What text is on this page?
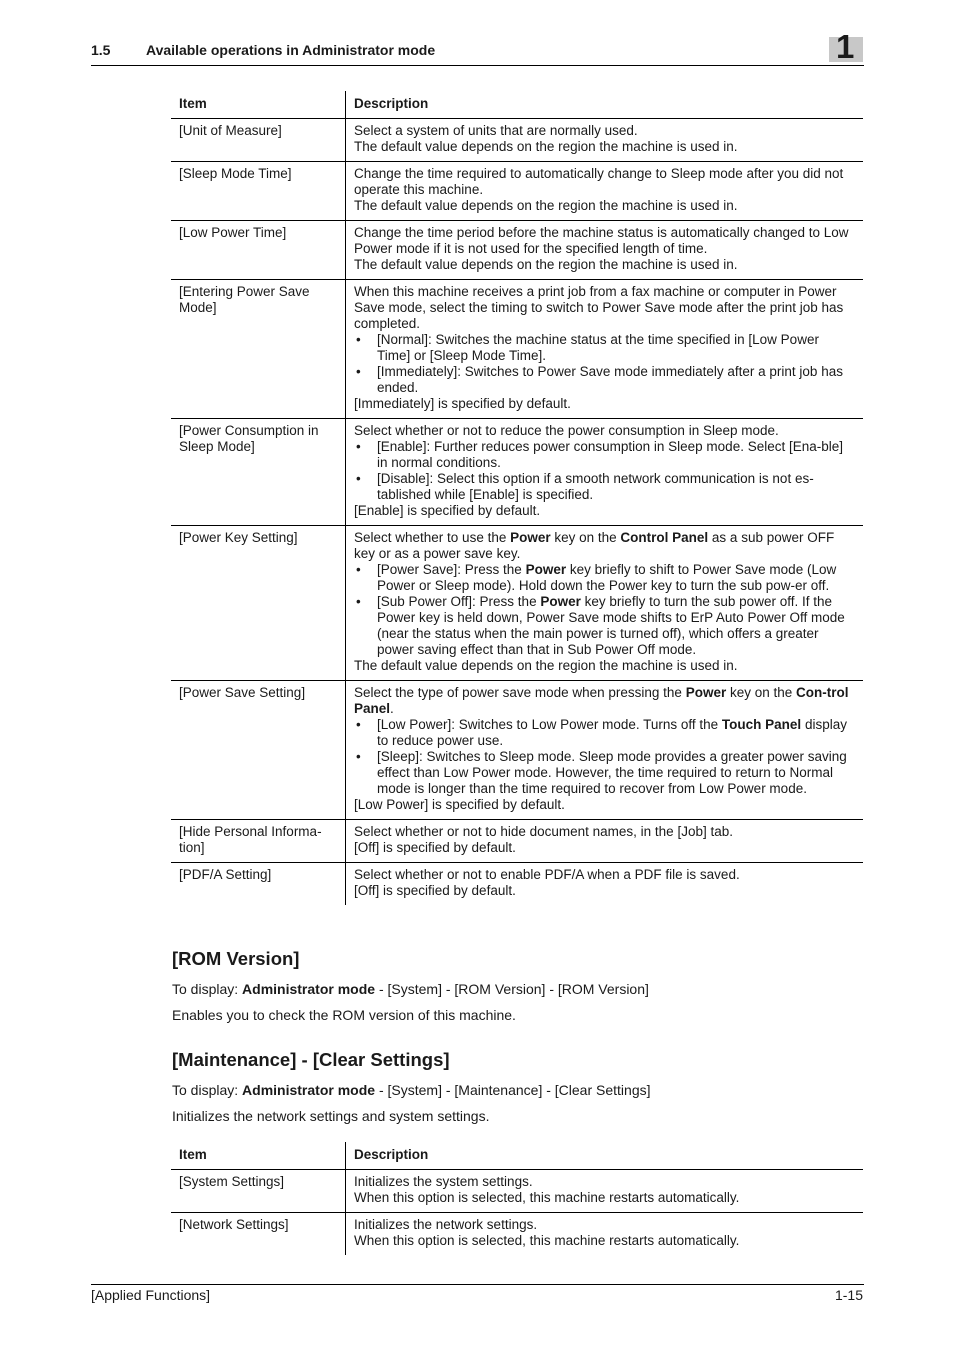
1.5	Available operations in Administrator mode	1
Item	Description
[Unit of Measure]	Select a system of units that are normally used.
The default value depends on the region the machine is used in.

[Sleep Mode Time]	Change the time required to automatically change to Sleep mode after you did not operate this machine.
The default value depends on the region the machine is used in.

[Low Power Time]	Change the time period before the machine status is automatically changed to Low Power mode if it is not used for the specified length of time.
The default value depends on the region the machine is used in.

[Entering Power Save Mode]	When this machine receives a print job from a fax machine or computer in Power Save mode, select the timing to switch to Power Save mode after the print job has completed.
• [Normal]: Switches the machine status at the time specified in [Low Power Time] or [Sleep Mode Time].
• [Immediately]: Switches to Power Save mode immediately after a print job has ended.
[Immediately] is specified by default.

[Power Consumption in Sleep Mode]	Select whether or not to reduce the power consumption in Sleep mode.
• [Enable]: Further reduces power consumption in Sleep mode. Select [Ena-ble] in normal conditions.
• [Disable]: Select this option if a smooth network communication is not es-tablished while [Enable] is specified.
[Enable] is specified by default.

[Power Key Setting]	Select whether to use the Power key on the Control Panel as a sub power OFF key or as a power save key.
• [Power Save]: Press the Power key briefly to shift to Power Save mode (Low Power or Sleep mode). Hold down the Power key to turn the sub pow-er off.
• [Sub Power Off]: Press the Power key briefly to turn the sub power off. If the Power key is held down, Power Save mode shifts to ErP Auto Power Off mode (near the status when the main power is turned off), which offers a greater power saving effect than that in Sub Power Off mode.
The default value depends on the region the machine is used in.

[Power Save Setting]	Select the type of power save mode when pressing the Power key on the Con-trol Panel.
• [Low Power]: Switches to Low Power mode. Turns off the Touch Panel display to reduce power use.
• [Sleep]: Switches to Sleep mode. Sleep mode provides a greater power saving effect than Low Power mode. However, the time required to return to Normal mode is longer than the time required to recover from Low Power mode.
[Low Power] is specified by default.

[Hide Personal Informa-tion]	Select whether or not to hide document names, in the [Job] tab.
[Off] is specified by default.

[PDF/A Setting]	Select whether or not to enable PDF/A when a PDF file is saved.
[Off] is specified by default.
[ROM Version]
To display: Administrator mode - [System] - [ROM Version] - [ROM Version]
Enables you to check the ROM version of this machine.
[Maintenance] - [Clear Settings]
To display: Administrator mode - [System] - [Maintenance] - [Clear Settings]
Initializes the network settings and system settings.
Item	Description
[System Settings]	Initializes the system settings.
When this option is selected, this machine restarts automatically.

[Network Settings]	Initializes the network settings.
When this option is selected, this machine restarts automatically.
[Applied Functions]	1-15
